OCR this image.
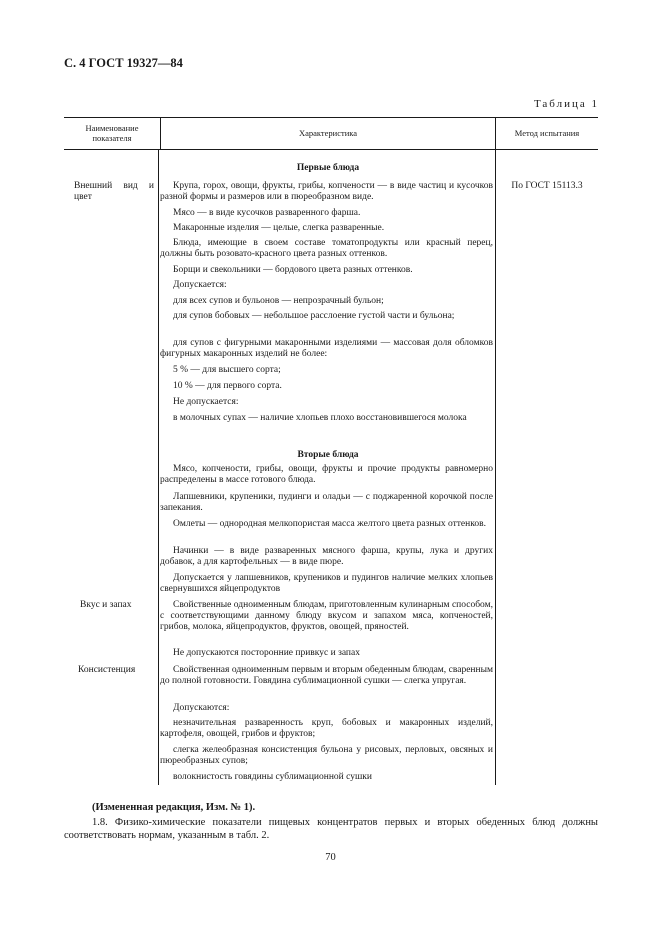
С. 4 ГОСТ 19327—84
Таблица 1
Наименование
показателя	Характеристика	Метод испытания
Первые блюда
Вторые блюда
Внешний вид и
цвет
Вкус и запах
Консистенция
По ГОСТ 15113.3
Крупа, горох, овощи, фрукты, грибы, копчености — в виде частиц и кусочков разной формы и размеров или в пюреобразном виде.
Мясо — в виде кусочков разваренного фарша.
Макаронные изделия — целые, слегка разваренные.
Блюда, имеющие в своем составе томатопродукты или красный перец, должны быть розовато-красного цвета разных оттенков.
Борщи и свекольники — бордового цвета разных оттенков.
Допускается:
для всех супов и бульонов — непрозрачный бульон;
для супов бобовых — небольшое расслоение густой части и бульона;
для супов с фигурными макаронными изделиями — массовая доля обломков фигурных макаронных изделий не более:
5 % — для высшего сорта;
10 % — для первого сорта.
Не допускается:
в молочных супах — наличие хлопьев плохо восстановившегося молока
Мясо, копчености, грибы, овощи, фрукты и прочие продукты равномерно распределены в массе готового блюда.
Лапшевники, крупеники, пудинги и оладьи — с поджаренной корочкой после запекания.
Омлеты — однородная мелкопористая масса желтого цвета разных оттенков.
Начинки — в виде разваренных мясного фарша, крупы, лука и других добавок, а для картофельных — в виде пюре.
Допускается у лапшевников, крупеников и пудингов наличие мелких хлопьев свернувшихся яйцепродуктов
Свойственные одноименным блюдам, приготовленным кулинарным способом, с соответствующими данному блюду вкусом и запахом мяса, копченостей, грибов, молока, яйцепродуктов, фруктов, овощей, пряностей.
Не допускаются посторонние привкус и запах
Свойственная одноименным первым и вторым обеденным блюдам, сваренным до полной готовности. Говядина сублимационной сушки — слегка упругая.
Допускаются:
незначительная разваренность круп, бобовых и макаронных изделий, картофеля, овощей, грибов и фруктов;
слегка желеобразная консистенция бульона у рисовых, перловых, овсяных и пюреобразных супов;
волокнистость говядины сублимационной сушки
(Измененная редакция, Изм. № 1).
1.8. Физико-химические показатели пищевых концентратов первых и вторых обеденных блюд должны соответствовать нормам, указанным в табл. 2.
70
